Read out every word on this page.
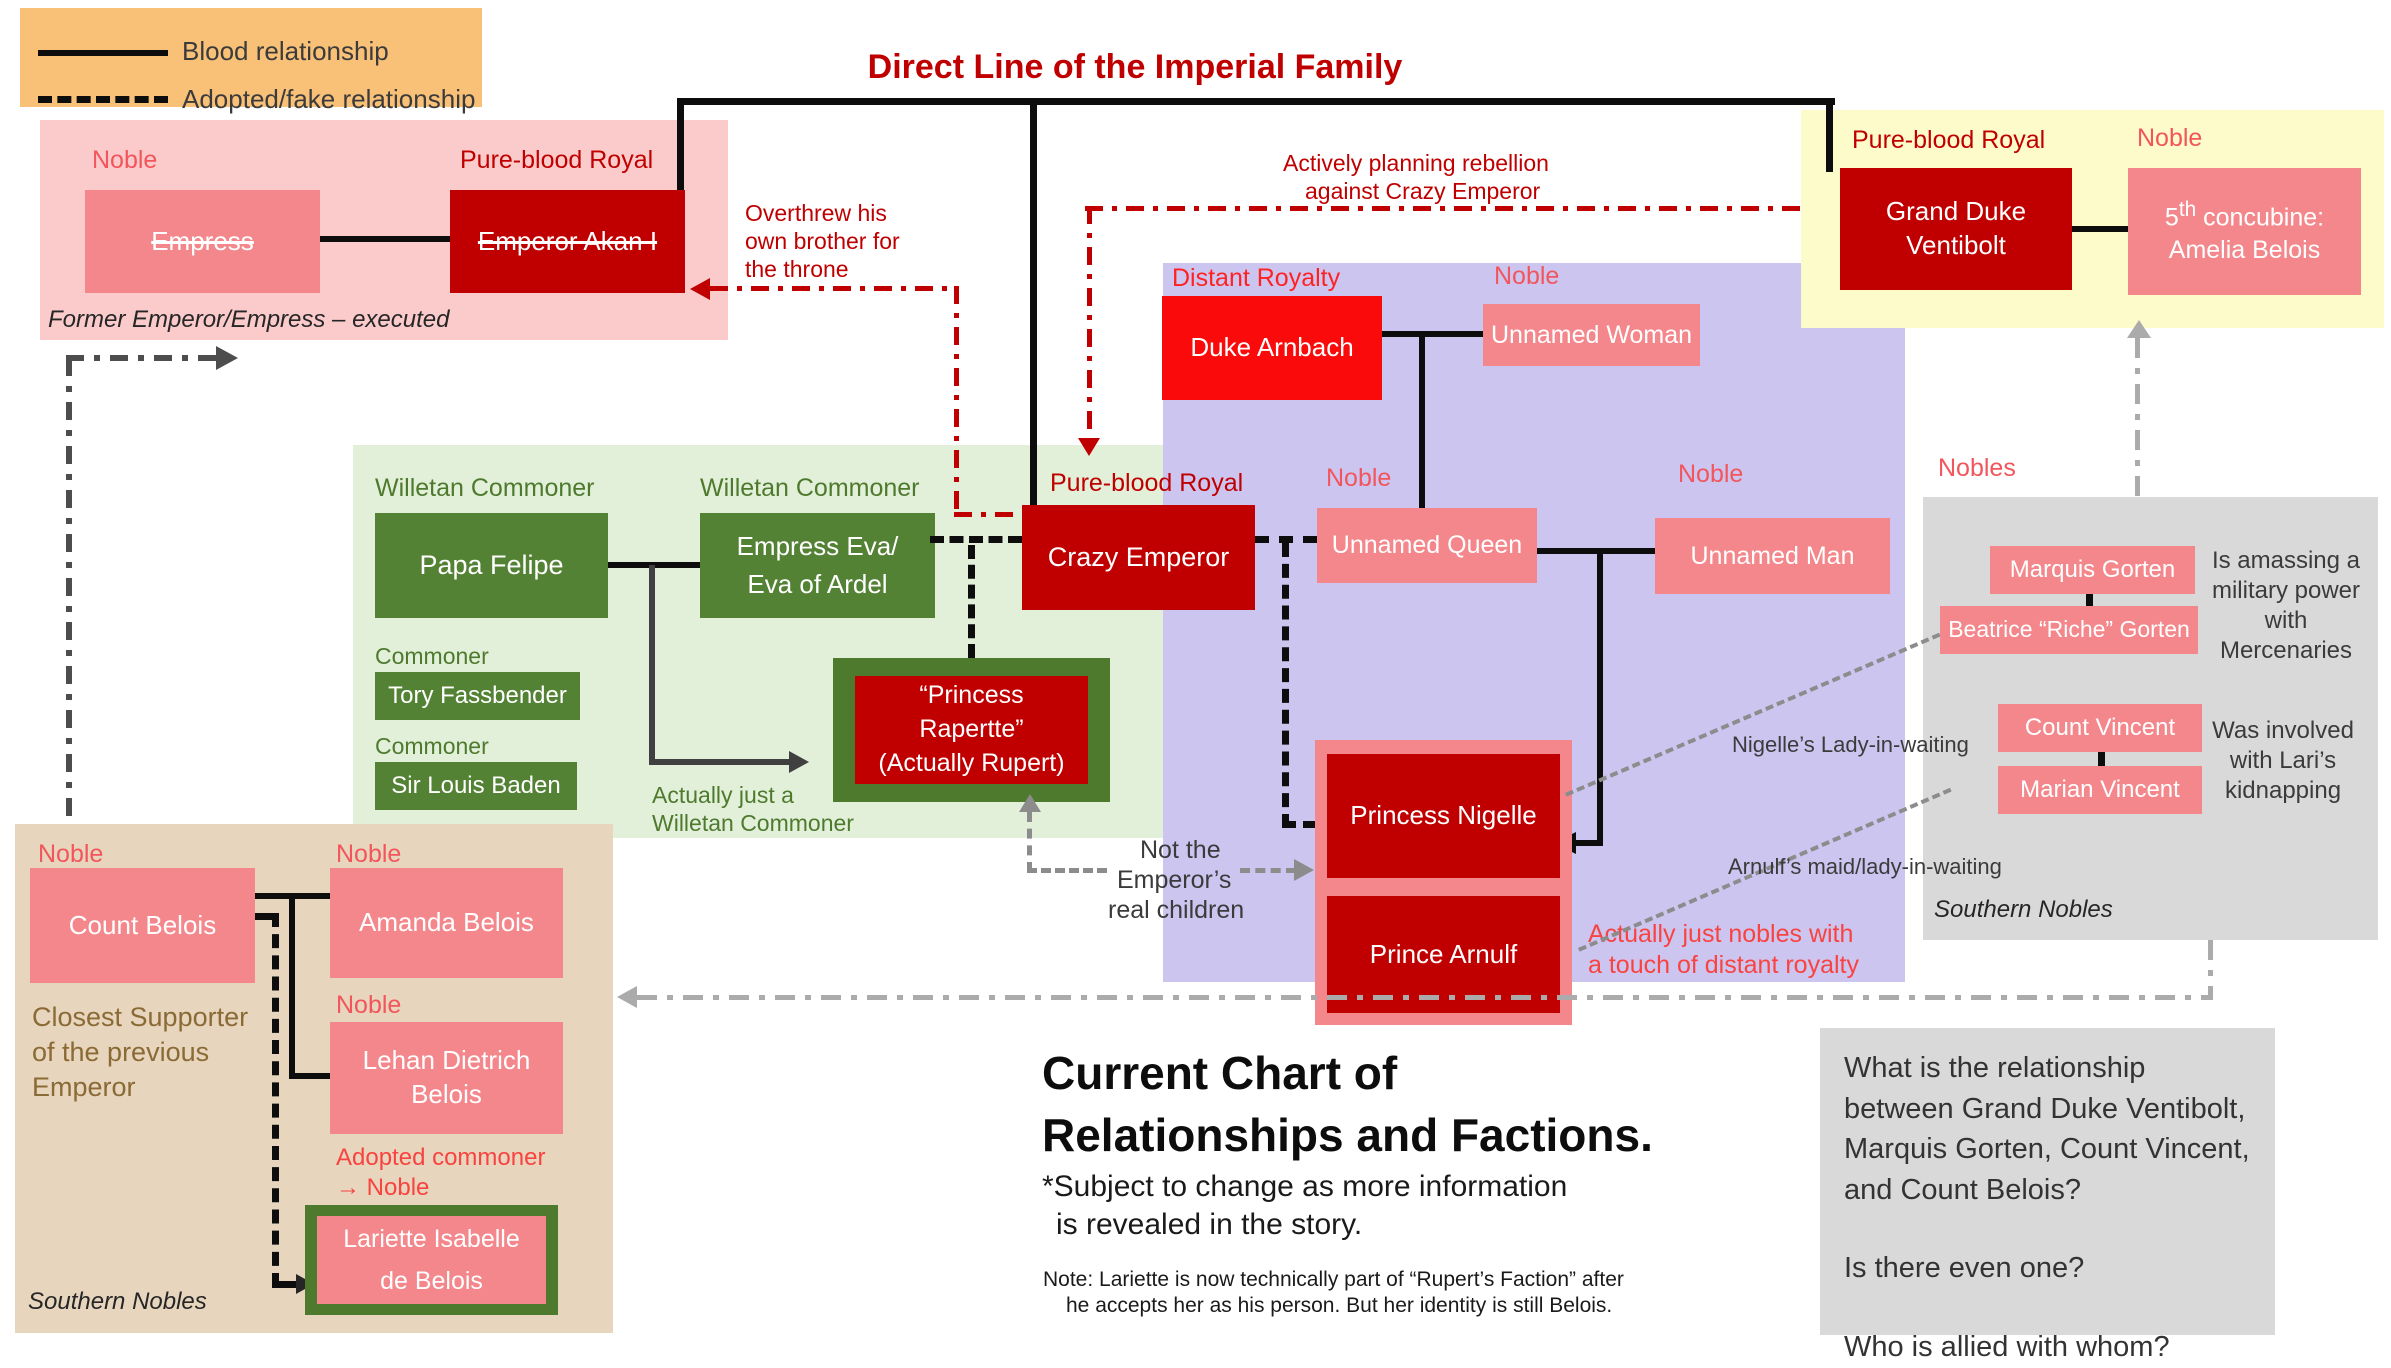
Blood relationship
Adopted/fake relationship
Direct Line of the Imperial Family
Noble
Empress
Pure-blood Royal
Emperor Akan I
Former Emperor/Empress – executed
Overthrew his
own brother for
the throne
Actively planning rebellion
against Crazy Emperor
Willetan Commoner
Papa Felipe
Willetan Commoner
Empress Eva/
Eva of Ardel
Actually just a
Willetan Commoner
Commoner
Tory Fassbender
Commoner
Sir Louis Baden
“Princess
Rapertte”
(Actually Rupert)
Pure-blood Royal
Crazy Emperor
Distant Royalty
Duke Arnbach
Noble
Unnamed Woman
Noble
Unnamed Queen
Noble
Unnamed Man
Princess Nigelle
Prince Arnulf
Not the
Emperor’s
real children
Actually just nobles with
a touch of distant royalty
Nigelle’s Lady-in-waiting
Arnulf’s maid/lady-in-waiting
Pure-blood Royal
Grand Duke
Ventibolt
Noble
5th concubine:
Amelia Belois
Nobles
Marquis Gorten
Beatrice “Riche” Gorten
Count Vincent
Marian Vincent
Is amassing a
military power
with
Mercenaries
Was involved
with Lari’s
kidnapping
Southern Nobles
Noble
Count Belois
Noble
Amanda Belois
Closest Supporter
of the previous
Emperor
Noble
Lehan Dietrich
Belois
Adopted commoner
→ Noble
Lariette Isabelle
de Belois
Southern Nobles
Current Chart of
Relationships and Factions.
*Subject to change as more information
is revealed in the story.
Note: Lariette is now technically part of “Rupert’s Faction” after
he accepts her as his person. But her identity is still Belois.
What is the relationship between Grand Duke Ventibolt, Marquis Gorten, Count Vincent, and Count Belois?
Is there even one?
Who is allied with whom?
